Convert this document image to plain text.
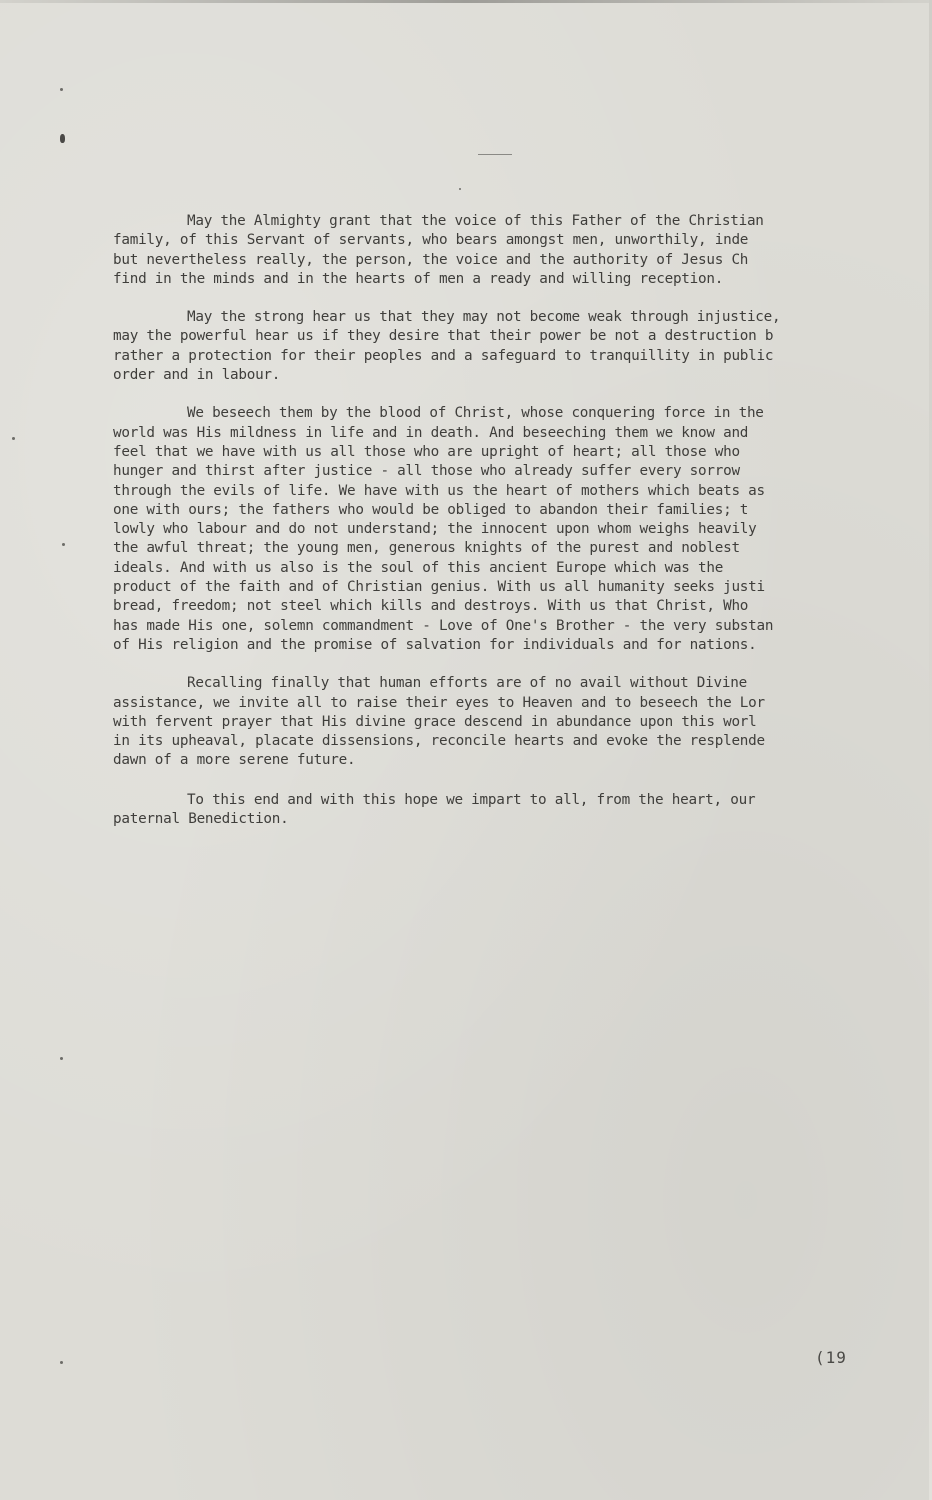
May the Almighty grant that the voice of this Father of the Christian
family, of this Servant of servants, who bears amongst men, unworthily, inde
but nevertheless really, the person, the voice and the authority of Jesus Ch
find in the minds and in the hearts of men a ready and willing reception.
May the strong hear us that they may not become weak through injustice,
may the powerful hear us if they desire that their power be not a destruction b
rather a protection for their peoples and a safeguard to tranquillity in public
order and in labour.
We beseech them by the blood of Christ, whose conquering force in the
world was His mildness in life and in death. And beseeching them we know and
feel that we have with us all those who are upright of heart; all those who
hunger and thirst after justice - all those who already suffer every sorrow
through the evils of life. We have with us the heart of mothers which beats as
one with ours; the fathers who would be obliged to abandon their families; t
lowly who labour and do not understand; the innocent upon whom weighs heavily
the awful threat; the young men, generous knights of the purest and noblest
ideals. And with us also is the soul of this ancient Europe which was the
product of the faith and of Christian genius. With us all humanity seeks justi
bread, freedom; not steel which kills and destroys. With us that Christ, Who
has made His one, solemn commandment - Love of One's Brother - the very substan
of His religion and the promise of salvation for individuals and for nations.
Recalling finally that human efforts are of no avail without Divine
assistance, we invite all to raise their eyes to Heaven and to beseech the Lor
with fervent prayer that His divine grace descend in abundance upon this worl
in its upheaval, placate dissensions, reconcile hearts and evoke the resplende
dawn of a more serene future.
To this end and with this hope we impart to all, from the heart, our
paternal Benediction.
(19
